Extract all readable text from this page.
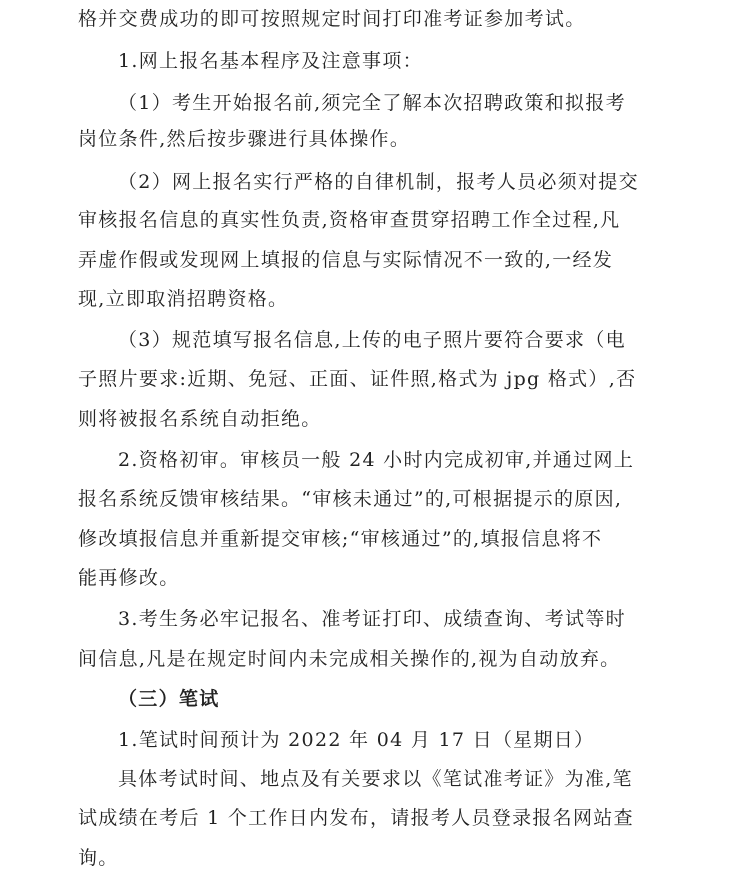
格并交费成功的即可按照规定时间打印准考证参加考试。
1.网上报名基本程序及注意事项：
（1）考生开始报名前,须完全了解本次招聘政策和拟报考
岗位条件,然后按步骤进行具体操作。
（2）网上报名实行严格的自律机制，报考人员必须对提交
审核报名信息的真实性负责,资格审查贯穿招聘工作全过程,凡
弄虚作假或发现网上填报的信息与实际情况不一致的,一经发
现,立即取消招聘资格。
（3）规范填写报名信息,上传的电子照片要符合要求（电
子照片要求:近期、免冠、正面、证件照,格式为 jpg 格式）,否
则将被报名系统自动拒绝。
2.资格初审。审核员一般 24 小时内完成初审,并通过网上
报名系统反馈审核结果。“审核未通过”的,可根据提示的原因,
修改填报信息并重新提交审核;“审核通过”的,填报信息将不
能再修改。
3.考生务必牢记报名、准考证打印、成绩查询、考试等时
间信息,凡是在规定时间内未完成相关操作的,视为自动放弃。
（三）笔试
1.笔试时间预计为 2022 年 04 月 17 日（星期日）
具体考试时间、地点及有关要求以《笔试准考证》为准,笔
试成绩在考后 1 个工作日内发布，请报考人员登录报名网站查
询。
